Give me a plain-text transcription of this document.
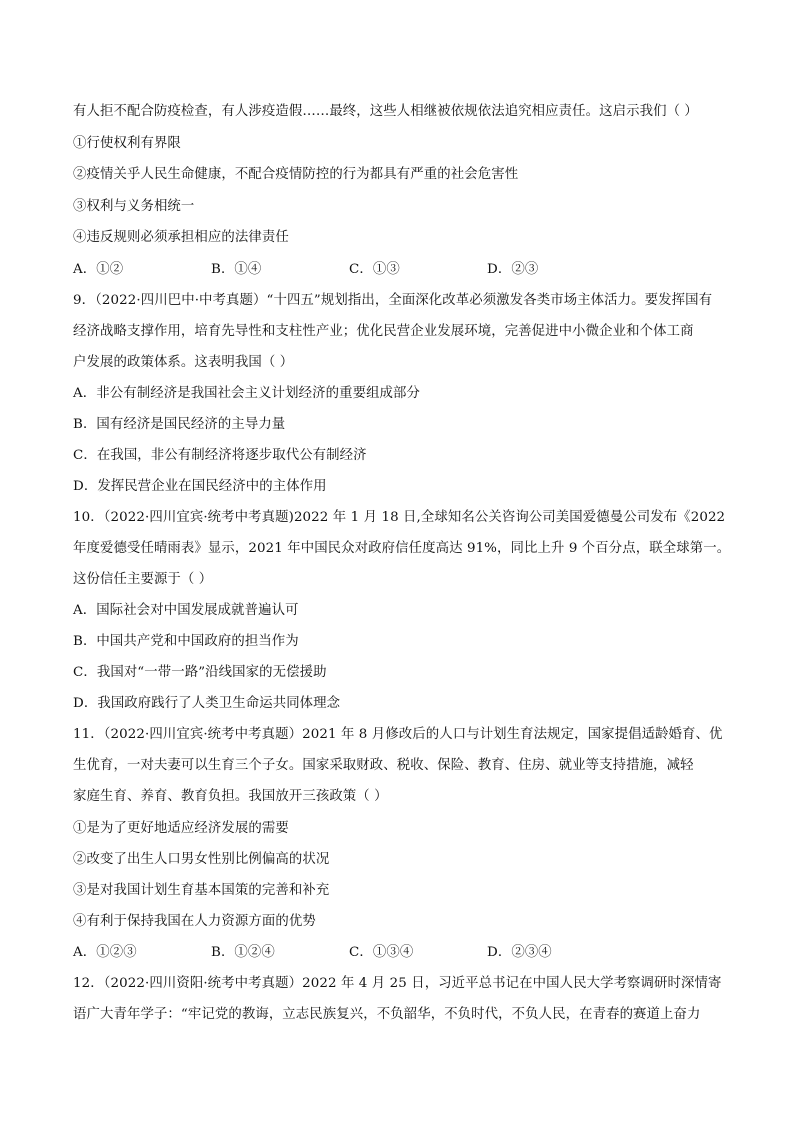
有人拒不配合防疫检查，有人涉疫造假……最终，这些人相继被依规依法追究相应责任。这启示我们（ ）
①行使权利有界限
②疫情关乎人民生命健康，不配合疫情防控的行为都具有严重的社会危害性
③权利与义务相统一
④违反规则必须承担相应的法律责任
A．①②	B．①④	C．①③	D．②③
9．（2022·四川巴中·中考真题）“十四五”规划指出，全面深化改革必须激发各类市场主体活力。要发挥国有
经济战略支撑作用，培育先导性和支柱性产业；优化民营企业发展环境，完善促进中小微企业和个体工商
户发展的政策体系。这表明我国（ ）
A．非公有制经济是我国社会主义计划经济的重要组成部分
B．国有经济是国民经济的主导力量
C．在我国，非公有制经济将逐步取代公有制经济
D．发挥民营企业在国民经济中的主体作用
10．（2022·四川宜宾·统考中考真题)2022 年 1 月 18 日,全球知名公关咨询公司美国爱德曼公司发布《2022
年度爱德受任晴雨表》显示，2021 年中国民众对政府信任度高达 91%，同比上升 9 个百分点，联全球第一。
这份信任主要源于（ ）
A．国际社会对中国发展成就普遍认可
B．中国共产党和中国政府的担当作为
C．我国对“一带一路”沿线国家的无偿援助
D．我国政府践行了人类卫生命运共同体理念
11．（2022·四川宜宾·统考中考真题）2021 年 8 月修改后的人口与计划生育法规定，国家提倡适龄婚育、优
生优育，一对夫妻可以生育三个子女。国家采取财政、税收、保险、教育、住房、就业等支持措施，减轻
家庭生育、养育、教育负担。我国放开三孩政策（ ）
①是为了更好地适应经济发展的需要
②改变了出生人口男女性别比例偏高的状况
③是对我国计划生育基本国策的完善和补充
④有利于保持我国在人力资源方面的优势
A．①②③	B．①②④	C．①③④	D．②③④
12．（2022·四川资阳·统考中考真题）2022 年 4 月 25 日，习近平总书记在中国人民大学考察调研时深情寄
语广大青年学子：“牢记党的教诲，立志民族复兴，不负韶华，不负时代，不负人民，在青春的赛道上奋力
